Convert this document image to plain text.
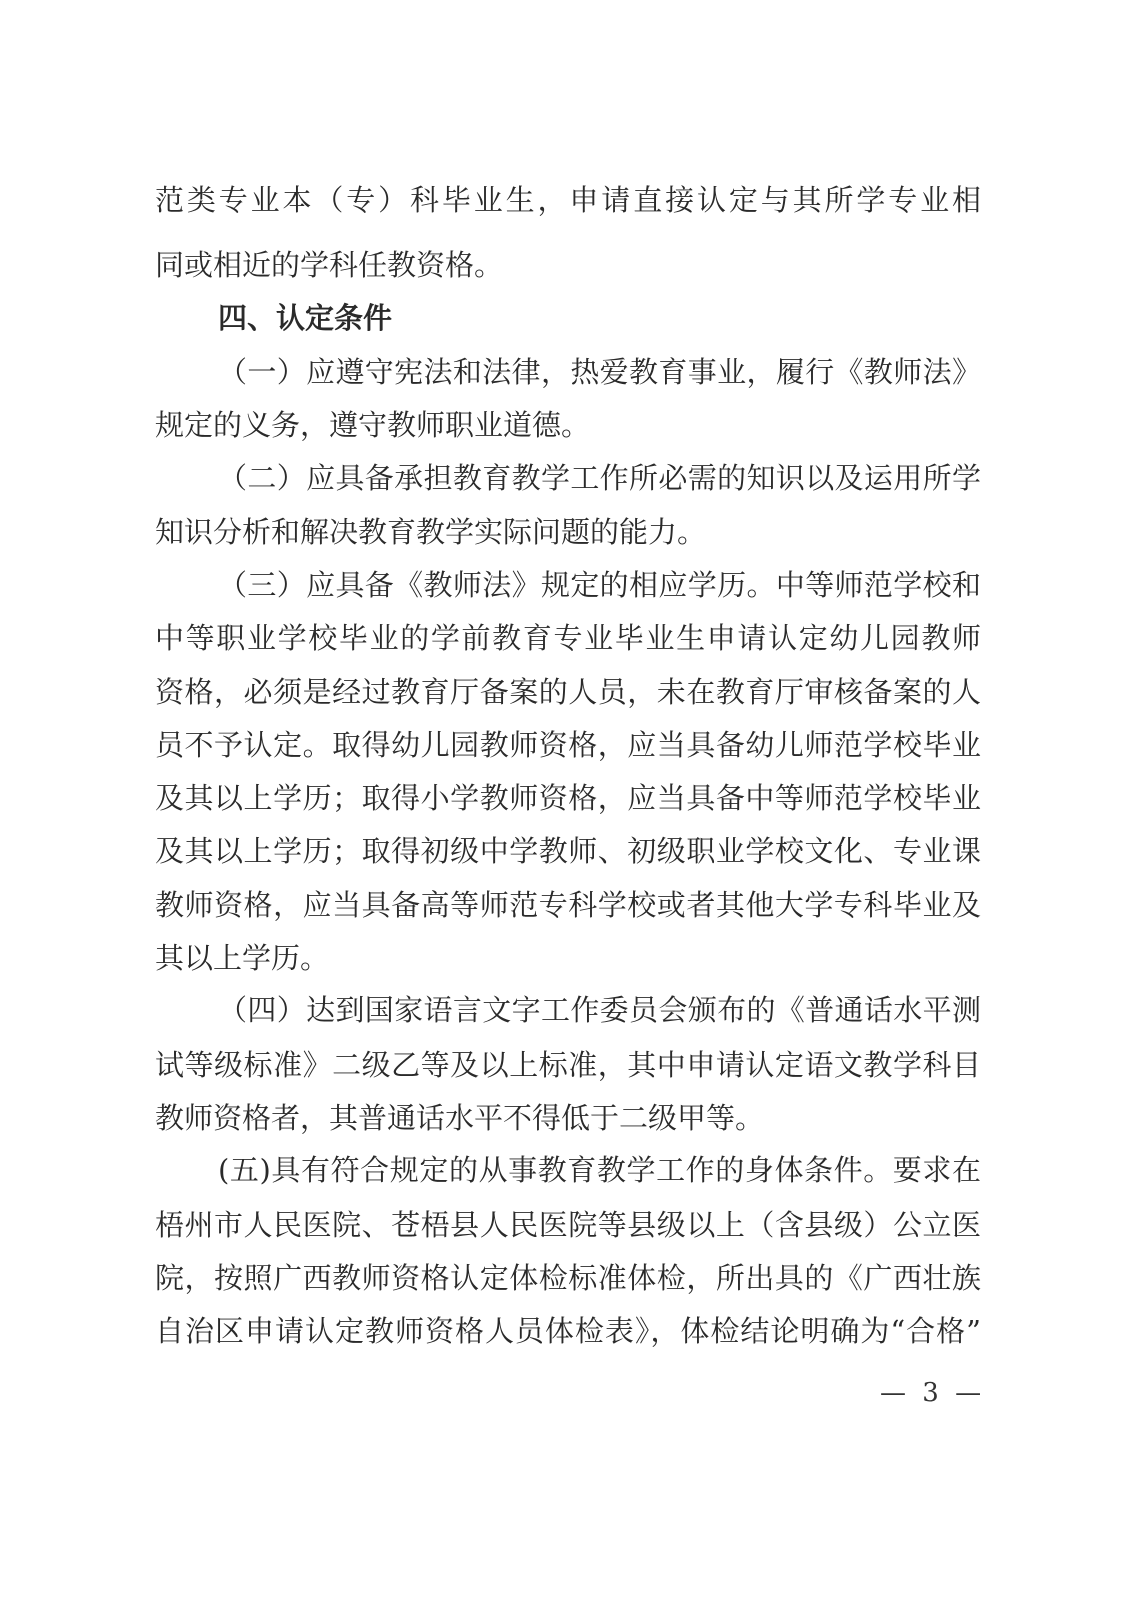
范类专业本（专）科毕业生，申请直接认定与其所学专业相
同或相近的学科任教资格。
四、认定条件
（一）应遵守宪法和法律，热爱教育事业，履行《教师法》
规定的义务，遵守教师职业道德。
（二）应具备承担教育教学工作所必需的知识以及运用所学
知识分析和解决教育教学实际问题的能力。
（三）应具备《教师法》规定的相应学历。中等师范学校和
中等职业学校毕业的学前教育专业毕业生申请认定幼儿园教师
资格，必须是经过教育厅备案的人员，未在教育厅审核备案的人
员不予认定。取得幼儿园教师资格，应当具备幼儿师范学校毕业
及其以上学历；取得小学教师资格，应当具备中等师范学校毕业
及其以上学历；取得初级中学教师、初级职业学校文化、专业课
教师资格，应当具备高等师范专科学校或者其他大学专科毕业及
其以上学历。
（四）达到国家语言文字工作委员会颁布的《普通话水平测
试等级标准》二级乙等及以上标准，其中申请认定语文教学科目
教师资格者，其普通话水平不得低于二级甲等。
(五)具有符合规定的从事教育教学工作的身体条件。要求在
梧州市人民医院、苍梧县人民医院等县级以上（含县级）公立医
院，按照广西教师资格认定体检标准体检，所出具的《广西壮族
自治区申请认定教师资格人员体检表》，体检结论明确为“合格”
— 3 —
